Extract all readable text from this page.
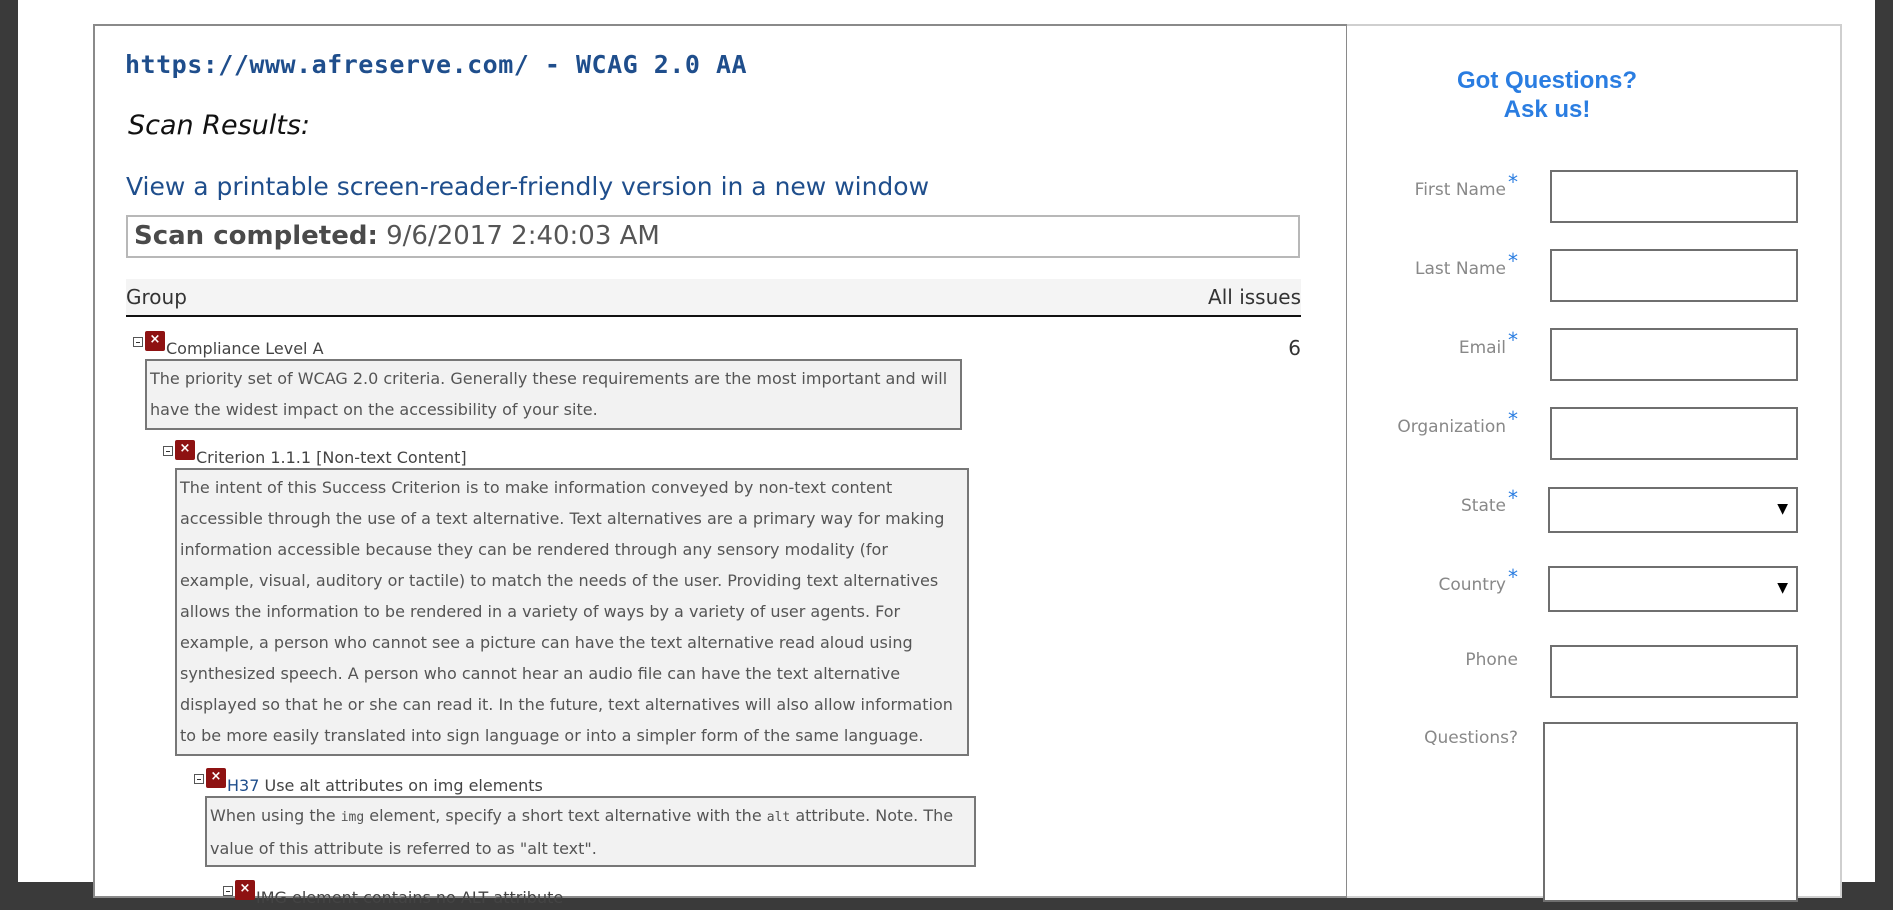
https://www.afreserve.com/ - WCAG 2.0 AA
Scan Results:
View a printable screen-reader-friendly version in a new window
Scan completed: 9/6/2017 2:40:03 AM
Group	All issues
× Compliance Level A	6
The priority set of WCAG 2.0 criteria. Generally these requirements are the most important and will have the widest impact on the accessibility of your site.
× Criterion 1.1.1 [Non-text Content]
The intent of this Success Criterion is to make information conveyed by non-text content accessible through the use of a text alternative. Text alternatives are a primary way for making information accessible because they can be rendered through any sensory modality (for example, visual, auditory or tactile) to match the needs of the user. Providing text alternatives allows the information to be rendered in a variety of ways by a variety of user agents. For example, a person who cannot see a picture can have the text alternative read aloud using synthesized speech. A person who cannot hear an audio file can have the text alternative displayed so that he or she can read it. In the future, text alternatives will also allow information to be more easily translated into sign language or into a simpler form of the same language.
× H37 Use alt attributes on img elements
When using the img element, specify a short text alternative with the alt attribute. Note. The value of this attribute is referred to as "alt text".
× IMG element contains no ALT attribute
Got Questions?
Ask us!
First Name *
Last Name *
Email *
Organization *
State *	▼
Country *	▼
Phone
Questions?
